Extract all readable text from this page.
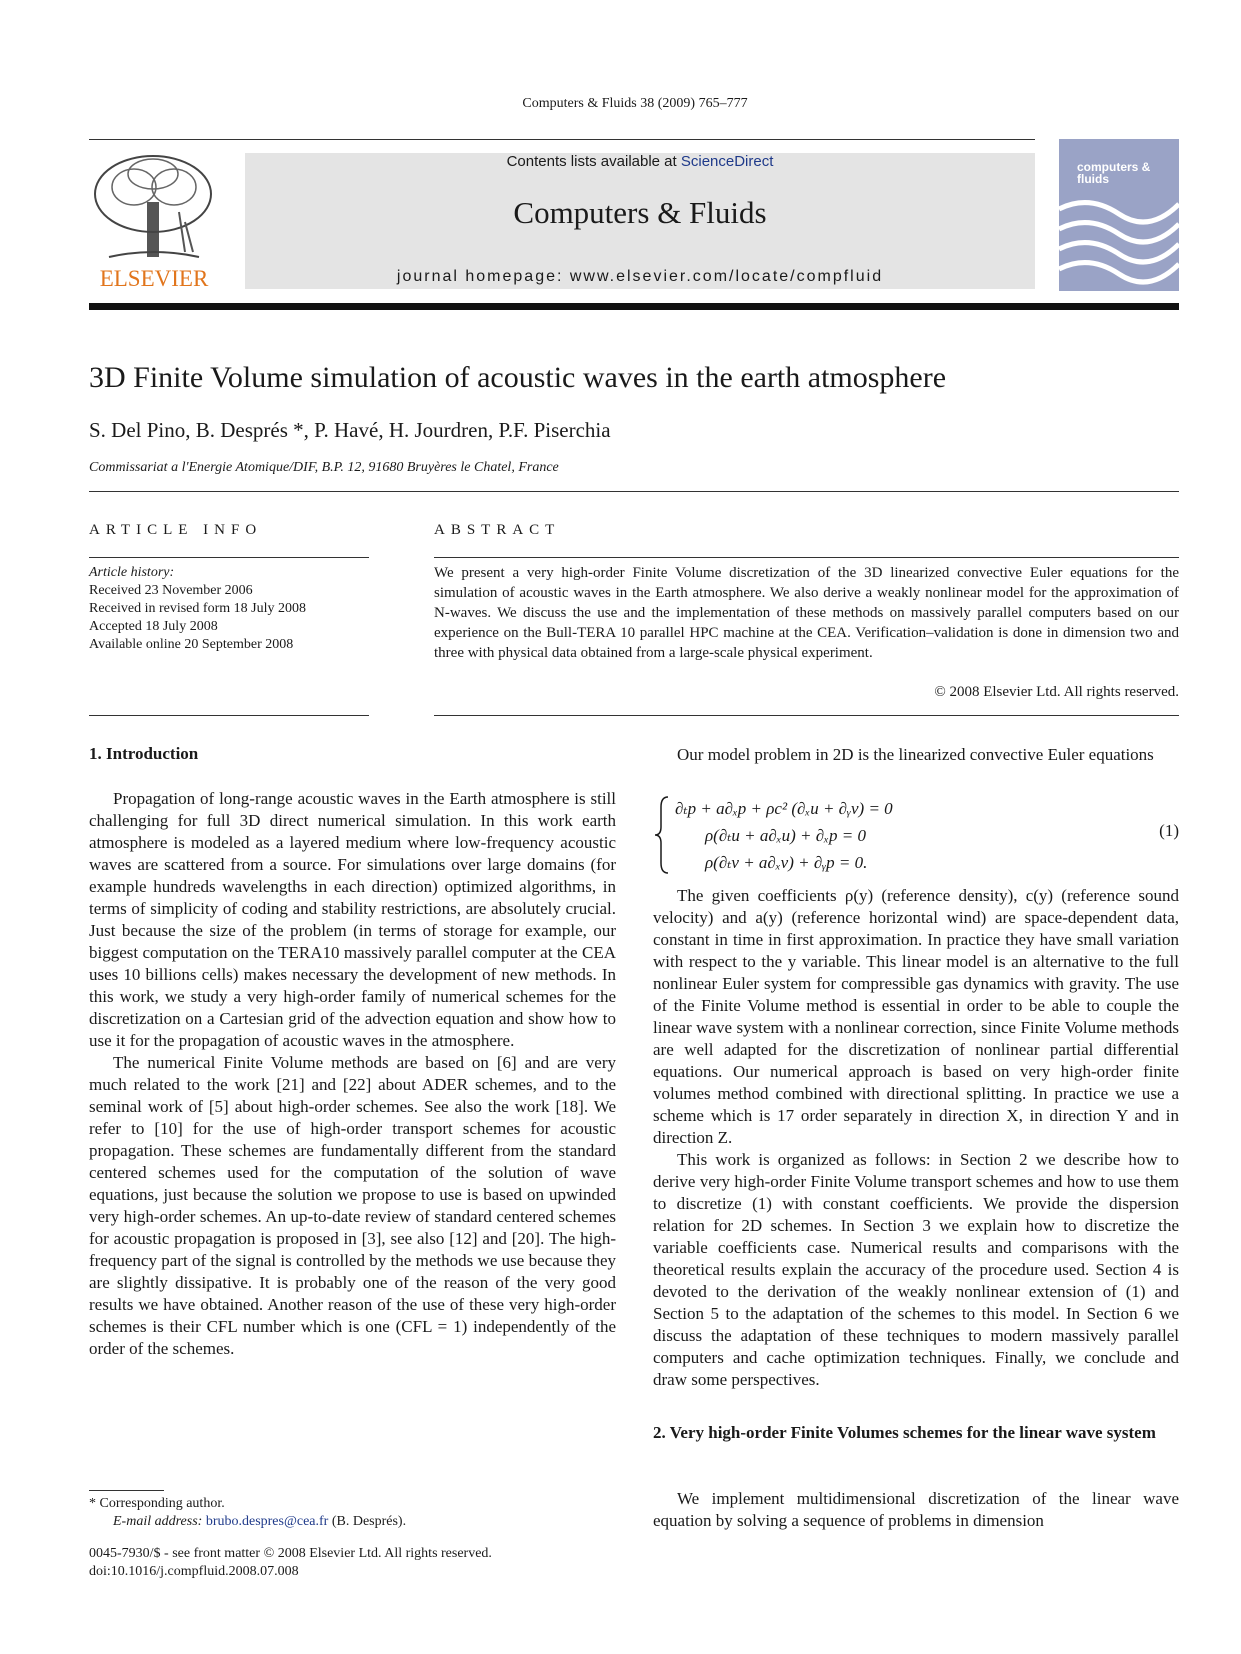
Computers & Fluids 38 (2009) 765–777
ELSEVIER
Contents lists available at ScienceDirect
Computers & Fluids
journal homepage: www.elsevier.com/locate/compfluid
computers & fluids
3D Finite Volume simulation of acoustic waves in the earth atmosphere
S. Del Pino, B. Després *, P. Havé, H. Jourdren, P.F. Piserchia
Commissariat a l'Energie Atomique/DIF, B.P. 12, 91680 Bruyères le Chatel, France
ARTICLE INFO	ABSTRACT
Article history:
Received 23 November 2006
Received in revised form 18 July 2008
Accepted 18 July 2008
Available online 20 September 2008
We present a very high-order Finite Volume discretization of the 3D linearized convective Euler equations for the simulation of acoustic waves in the Earth atmosphere. We also derive a weakly nonlinear model for the approximation of N-waves. We discuss the use and the implementation of these methods on massively parallel computers based on our experience on the Bull-TERA 10 parallel HPC machine at the CEA. Verification–validation is done in dimension two and three with physical data obtained from a large-scale physical experiment.
© 2008 Elsevier Ltd. All rights reserved.
1. Introduction

Propagation of long-range acoustic waves in the Earth atmosphere is still challenging for full 3D direct numerical simulation. In this work earth atmosphere is modeled as a layered medium where low-frequency acoustic waves are scattered from a source. For simulations over large domains (for example hundreds wavelengths in each direction) optimized algorithms, in terms of simplicity of coding and stability restrictions, are absolutely crucial. Just because the size of the problem (in terms of storage for example, our biggest computation on the TERA10 massively parallel computer at the CEA uses 10 billions cells) makes necessary the development of new methods. In this work, we study a very high-order family of numerical schemes for the discretization on a Cartesian grid of the advection equation and show how to use it for the propagation of acoustic waves in the atmosphere.

The numerical Finite Volume methods are based on [6] and are very much related to the work [21] and [22] about ADER schemes, and to the seminal work of [5] about high-order schemes. See also the work [18]. We refer to [10] for the use of high-order transport schemes for acoustic propagation. These schemes are fundamentally different from the standard centered schemes used for the computation of the solution of wave equations, just because the solution we propose to use is based on upwinded very high-order schemes. An up-to-date review of standard centered schemes for acoustic propagation is proposed in [3], see also [12] and [20]. The high-frequency part of the signal is controlled by the methods we use because they are slightly dissipative. It is probably one of the reason of the very good results we have obtained. Another reason of the use of these very high-order schemes is their CFL number which is one (CFL = 1) independently of the order of the schemes.

Our model problem in 2D is the linearized convective Euler equations

∂ₜp + a∂ₓp + ρc² (∂ₓu + ∂ᵧv) = 0
ρ(∂ₜu + a∂ₓu) + ∂ₓp = 0
ρ(∂ₜv + a∂ₓv) + ∂ᵧp = 0.
(1)

The given coefficients ρ(y) (reference density), c(y) (reference sound velocity) and a(y) (reference horizontal wind) are space-dependent data, constant in time in first approximation. In practice they have small variation with respect to the y variable. This linear model is an alternative to the full nonlinear Euler system for compressible gas dynamics with gravity. The use of the Finite Volume method is essential in order to be able to couple the linear wave system with a nonlinear correction, since Finite Volume methods are well adapted for the discretization of nonlinear partial differential equations. Our numerical approach is based on very high-order finite volumes method combined with directional splitting. In practice we use a scheme which is 17 order separately in direction X, in direction Y and in direction Z.

This work is organized as follows: in Section 2 we describe how to derive very high-order Finite Volume transport schemes and how to use them to discretize (1) with constant coefficients. We provide the dispersion relation for 2D schemes. In Section 3 we explain how to discretize the variable coefficients case. Numerical results and comparisons with the theoretical results explain the accuracy of the procedure used. Section 4 is devoted to the derivation of the weakly nonlinear extension of (1) and Section 5 to the adaptation of the schemes to this model. In Section 6 we discuss the adaptation of these techniques to modern massively parallel computers and cache optimization techniques. Finally, we conclude and draw some perspectives.

2. Very high-order Finite Volumes schemes for the linear wave system

We implement multidimensional discretization of the linear wave equation by solving a sequence of problems in dimension

* Corresponding author.
E-mail address: brubo.despres@cea.fr (B. Després).
0045-7930/$ - see front matter © 2008 Elsevier Ltd. All rights reserved.
doi:10.1016/j.compfluid.2008.07.008
